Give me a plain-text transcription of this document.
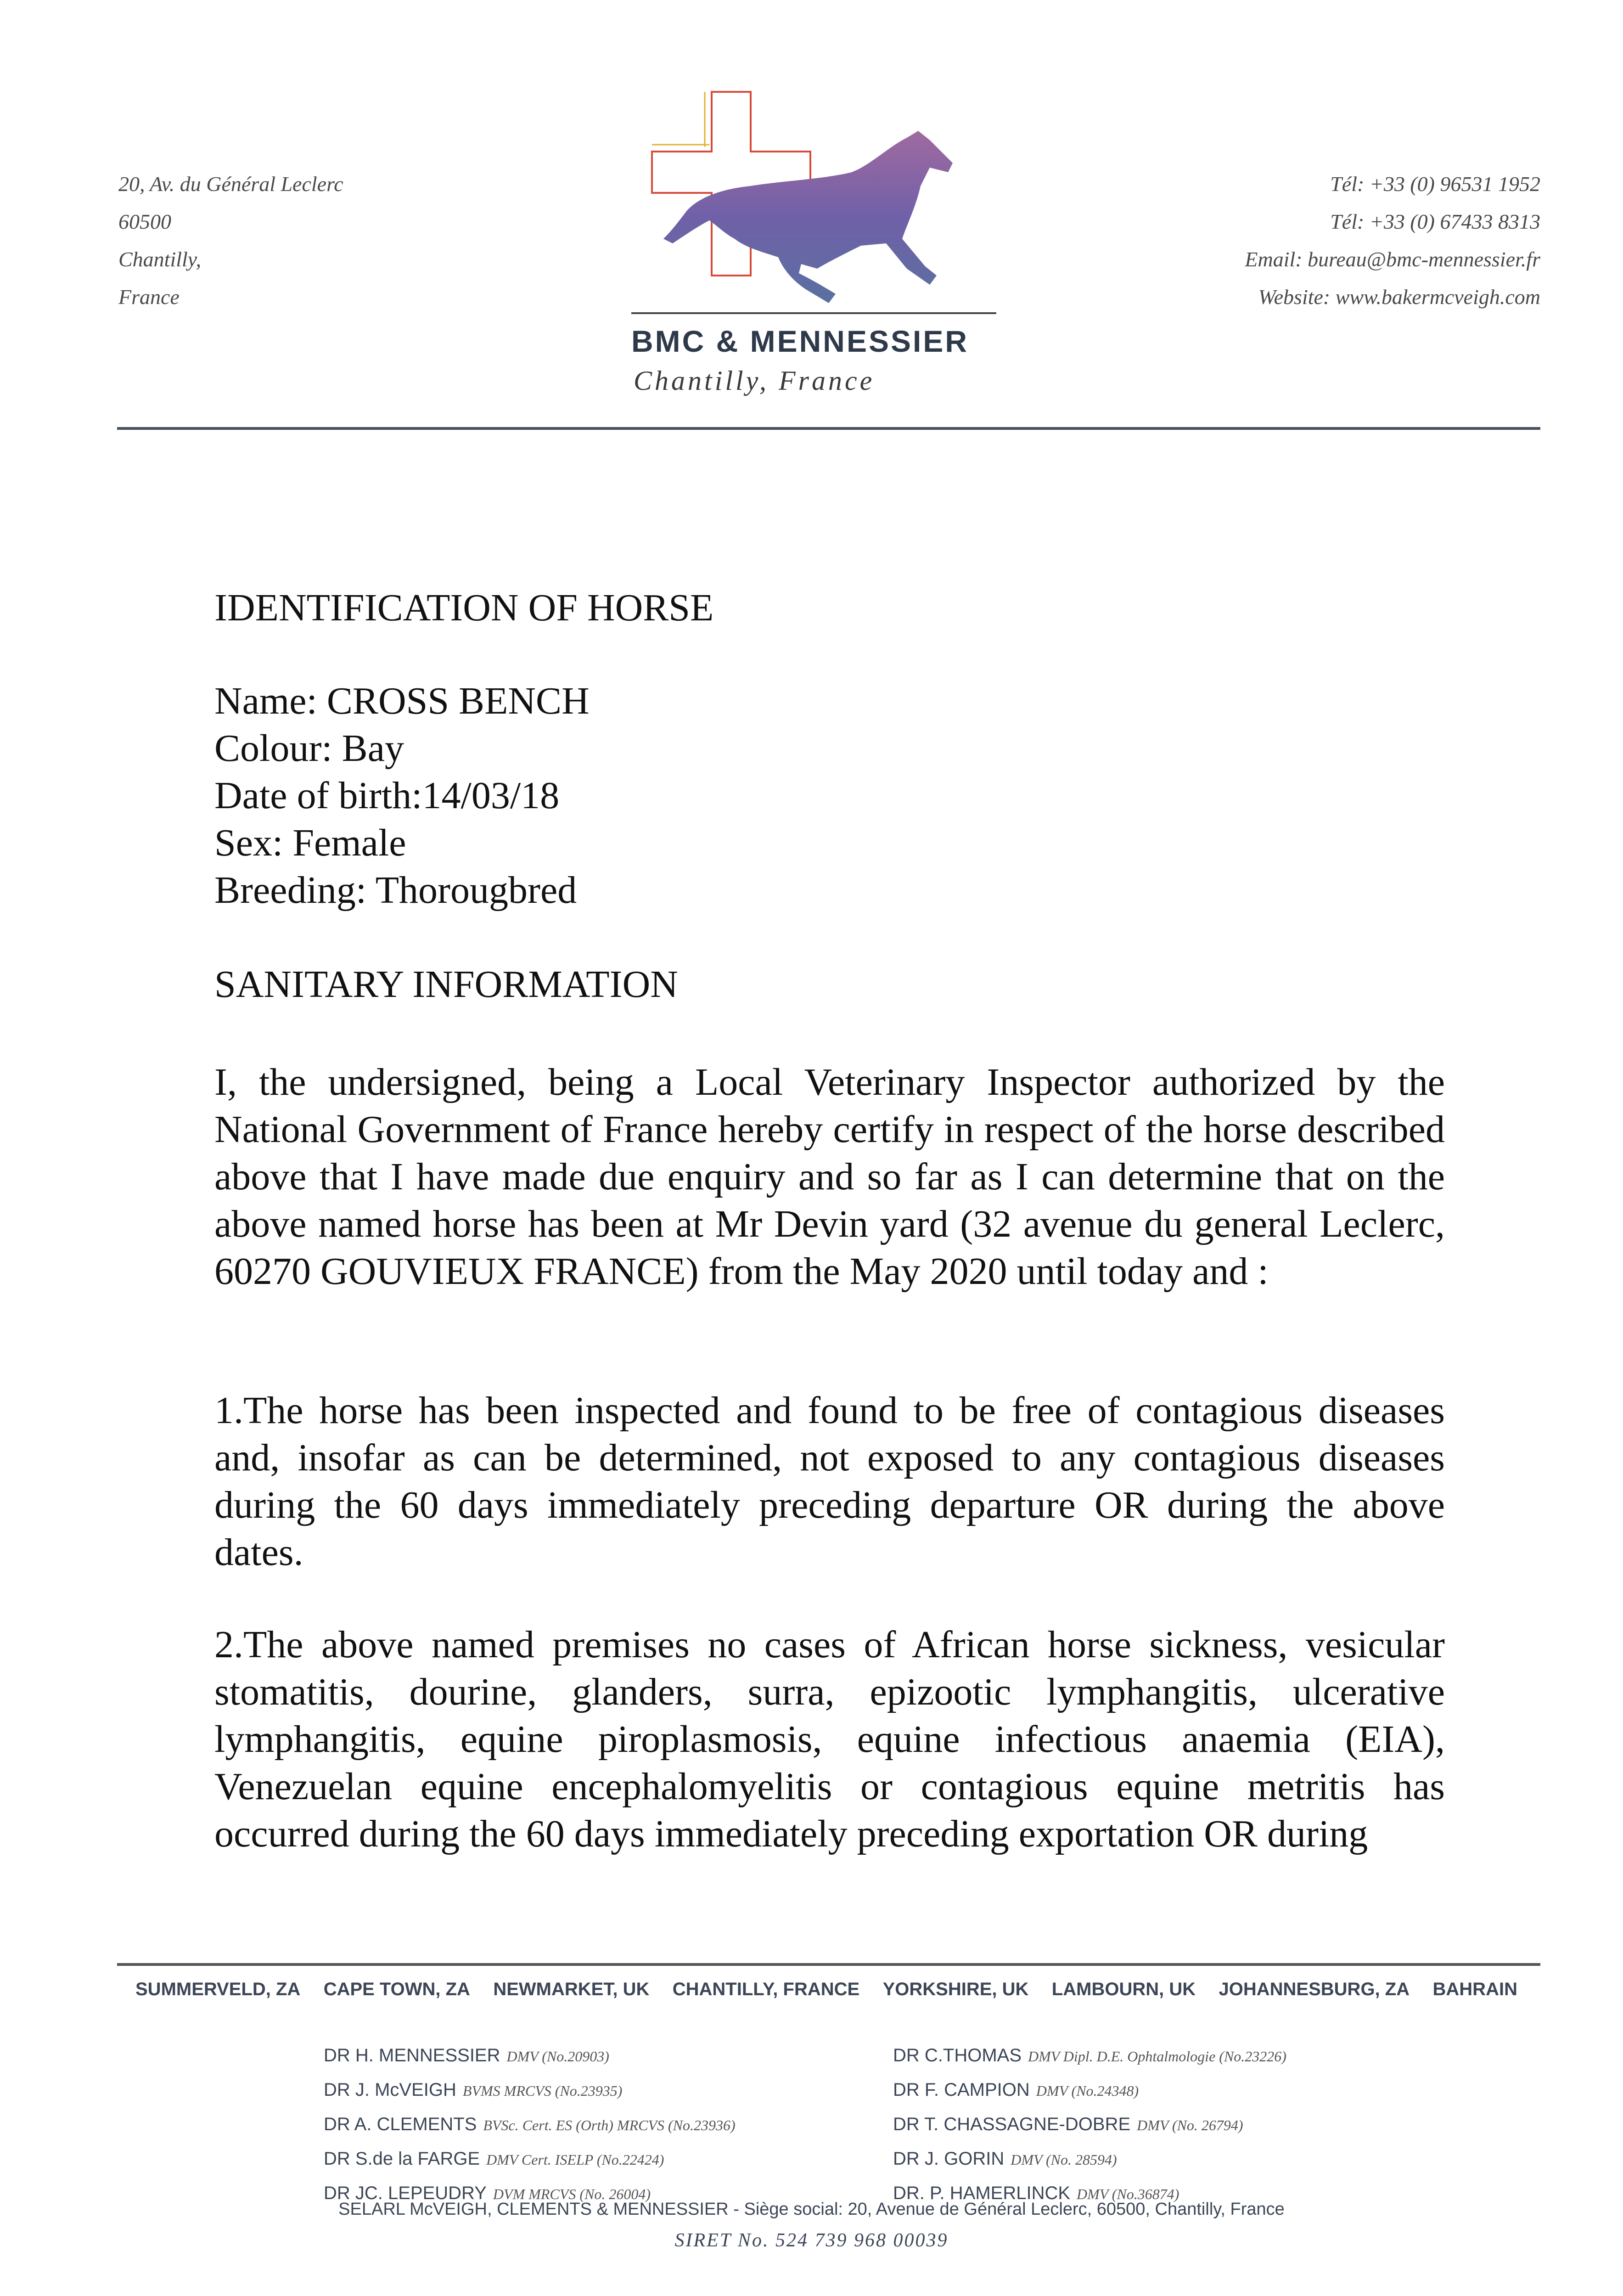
20, Av. du Général Leclerc
60500
Chantilly,
France
BMC & MENNESSIER
Chantilly, France
Tél: +33 (0) 96531 1952
Tél: +33 (0) 67433 8313
Email: bureau@bmc-mennessier.fr
Website: www.bakermcveigh.com
IDENTIFICATION OF HORSE
Name: CROSS BENCH
Colour: Bay
Date of birth:14/03/18
Sex: Female
Breeding: Thorougbred
SANITARY INFORMATION
I, the undersigned, being a Local Veterinary Inspector authorized by the National Government of France hereby certify in respect of the horse described above that I have made due enquiry and so far as I can determine that on the above named horse has been at Mr Devin yard (32 avenue du general Leclerc, 60270 GOUVIEUX FRANCE) from the May 2020 until today and :
1.The horse has been inspected and found to be free of contagious diseases and, insofar as can be determined, not exposed to any contagious diseases during the 60 days immediately preceding departure OR during the above dates.
2.The above named premises no cases of African horse sickness, vesicular stomatitis, dourine, glanders, surra, epizootic lymphangitis, ulcerative lymphangitis, equine piroplasmosis, equine infectious anaemia (EIA), Venezuelan equine encephalomyelitis or contagious equine metritis has occurred during the 60 days immediately preceding exportation OR during
SUMMERVELD, ZA CAPE TOWN, ZA NEWMARKET, UK CHANTILLY, FRANCE YORKSHIRE, UK LAMBOURN, UK JOHANNESBURG, ZA BAHRAIN
DR H. MENNESSIER DMV (No.20903)
DR J. McVEIGH BVMS MRCVS (No.23935)
DR A. CLEMENTS BVSc. Cert. ES (Orth) MRCVS (No.23936)
DR S.de la FARGE DMV Cert. ISELP (No.22424)
DR JC. LEPEUDRY DVM MRCVS (No. 26004)
DR C.THOMAS DMV Dipl. D.E. Ophtalmologie (No.23226)
DR F. CAMPION DMV (No.24348)
DR T. CHASSAGNE-DOBRE DMV (No. 26794)
DR J. GORIN DMV (No. 28594)
DR. P. HAMERLINCK DMV (No.36874)
SELARL McVEIGH, CLEMENTS & MENNESSIER - Siège social: 20, Avenue de Général Leclerc, 60500, Chantilly, France
SIRET No. 524 739 968 00039
